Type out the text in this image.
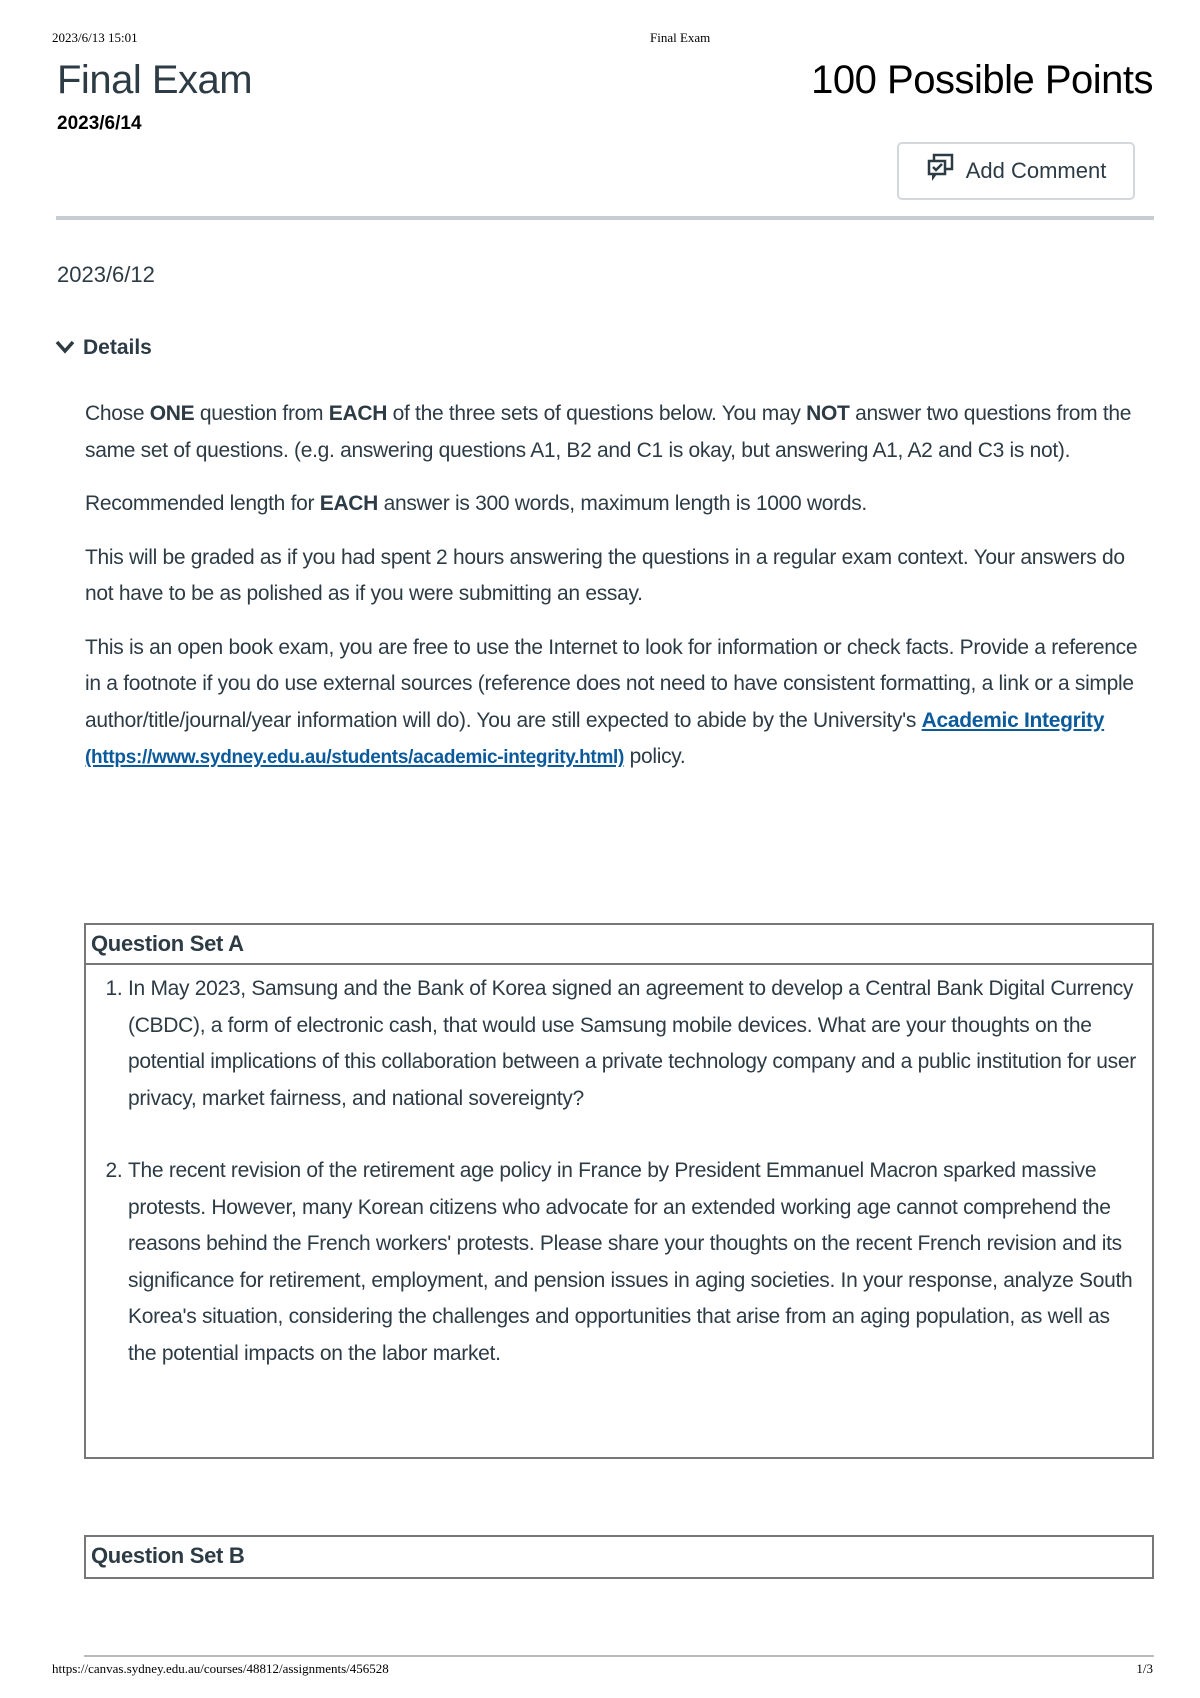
2023/6/13 15:01	Final Exam
Final Exam	100 Possible Points
2023/6/14
Add Comment
2023/6/12
Details

Chose ONE question from EACH of the three sets of questions below. You may NOT answer two questions from the same set of questions. (e.g. answering questions A1, B2 and C1 is okay, but answering A1, A2 and C3 is not).

Recommended length for EACH answer is 300 words, maximum length is 1000 words.

This will be graded as if you had spent 2 hours answering the questions in a regular exam context. Your answers do not have to be as polished as if you were submitting an essay.

This is an open book exam, you are free to use the Internet to look for information or check facts. Provide a reference in a footnote if you do use external sources (reference does not need to have consistent formatting, a link or a simple author/title/journal/year information will do). You are still expected to abide by the University's Academic Integrity
(https://www.sydney.edu.au/students/academic-integrity.html) policy.

Question Set A
1. In May 2023, Samsung and the Bank of Korea signed an agreement to develop a Central Bank Digital Currency (CBDC), a form of electronic cash, that would use Samsung mobile devices. What are your thoughts on the potential implications of this collaboration between a private technology company and a public institution for user privacy, market fairness, and national sovereignty?
2. The recent revision of the retirement age policy in France by President Emmanuel Macron sparked massive protests. However, many Korean citizens who advocate for an extended working age cannot comprehend the reasons behind the French workers' protests. Please share your thoughts on the recent French revision and its significance for retirement, employment, and pension issues in aging societies. In your response, analyze South Korea's situation, considering the challenges and opportunities that arise from an aging population, as well as the potential impacts on the labor market.
Question Set B
https://canvas.sydney.edu.au/courses/48812/assignments/456528	1/3
